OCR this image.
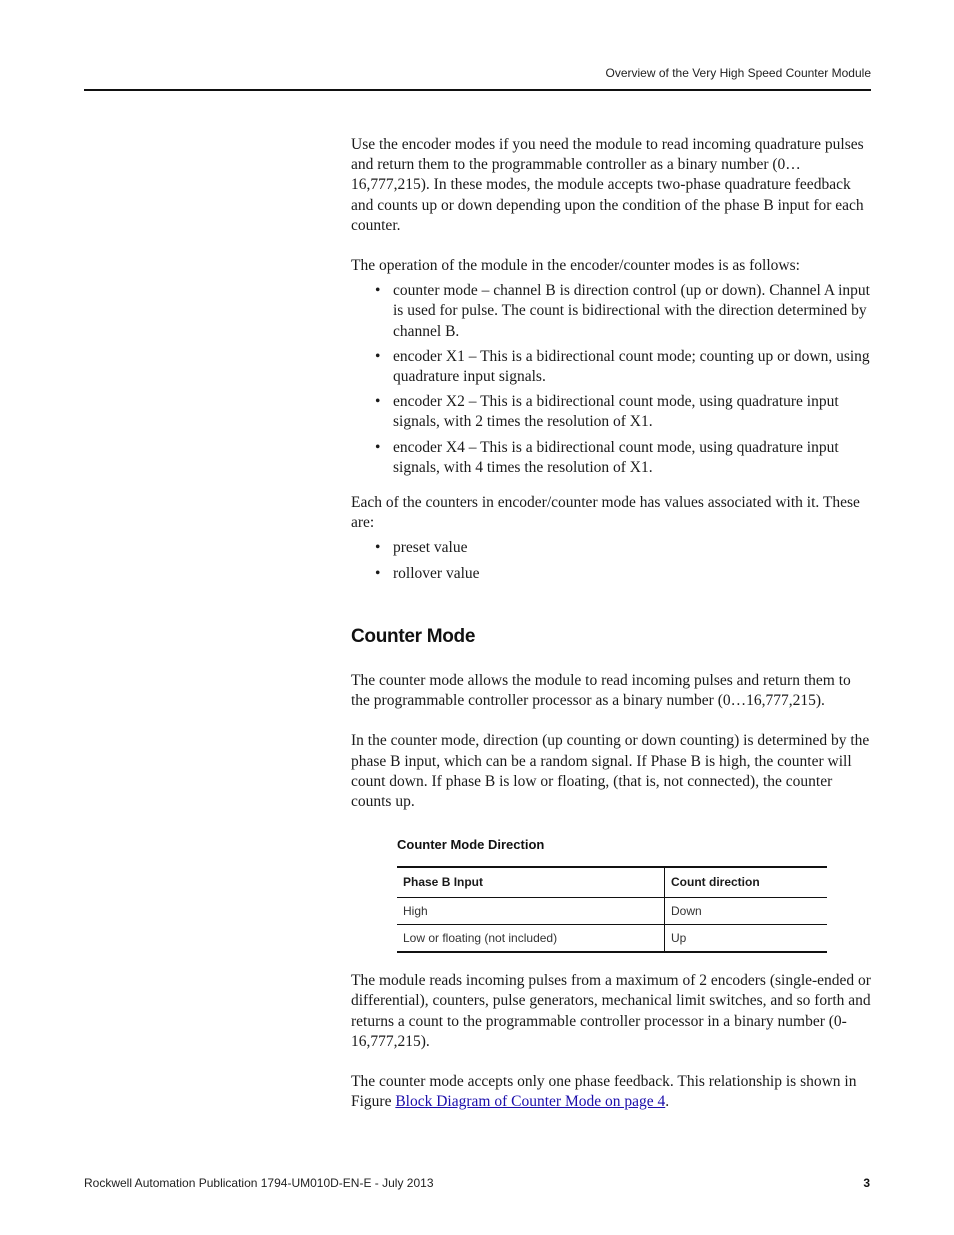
Overview of the Very High Speed Counter Module

Use the encoder modes if you need the module to read incoming quadrature pulses and return them to the programmable controller as a binary number (0…16,777,215). In these modes, the module accepts two-phase quadrature feedback and counts up or down depending upon the condition of the phase B input for each counter.

The operation of the module in the encoder/counter modes is as follows:

• counter mode – channel B is direction control (up or down). Channel A input is used for pulse. The count is bidirectional with the direction determined by channel B.
• encoder X1 – This is a bidirectional count mode; counting up or down, using quadrature input signals.
• encoder X2 – This is a bidirectional count mode, using quadrature input signals, with 2 times the resolution of X1.
• encoder X4 – This is a bidirectional count mode, using quadrature input signals, with 4 times the resolution of X1.

Each of the counters in encoder/counter mode has values associated with it. These are:

• preset value
• rollover value
Counter Mode

The counter mode allows the module to read incoming pulses and return them to the programmable controller processor as a binary number (0…16,777,215).

In the counter mode, direction (up counting or down counting) is determined by the phase B input, which can be a random signal. If Phase B is high, the counter will count down. If phase B is low or floating, (that is, not connected), the counter counts up.

Counter Mode Direction
Phase B Input	Count direction
High	Down
Low or floating (not included)	Up

The module reads incoming pulses from a maximum of 2 encoders (single-ended or differential), counters, pulse generators, mechanical limit switches, and so forth and returns a count to the programmable controller processor in a binary number (0-16,777,215).

The counter mode accepts only one phase feedback. This relationship is shown in Figure Block Diagram of Counter Mode on page 4.

Rockwell Automation Publication 1794-UM010D-EN-E - July 2013	3
